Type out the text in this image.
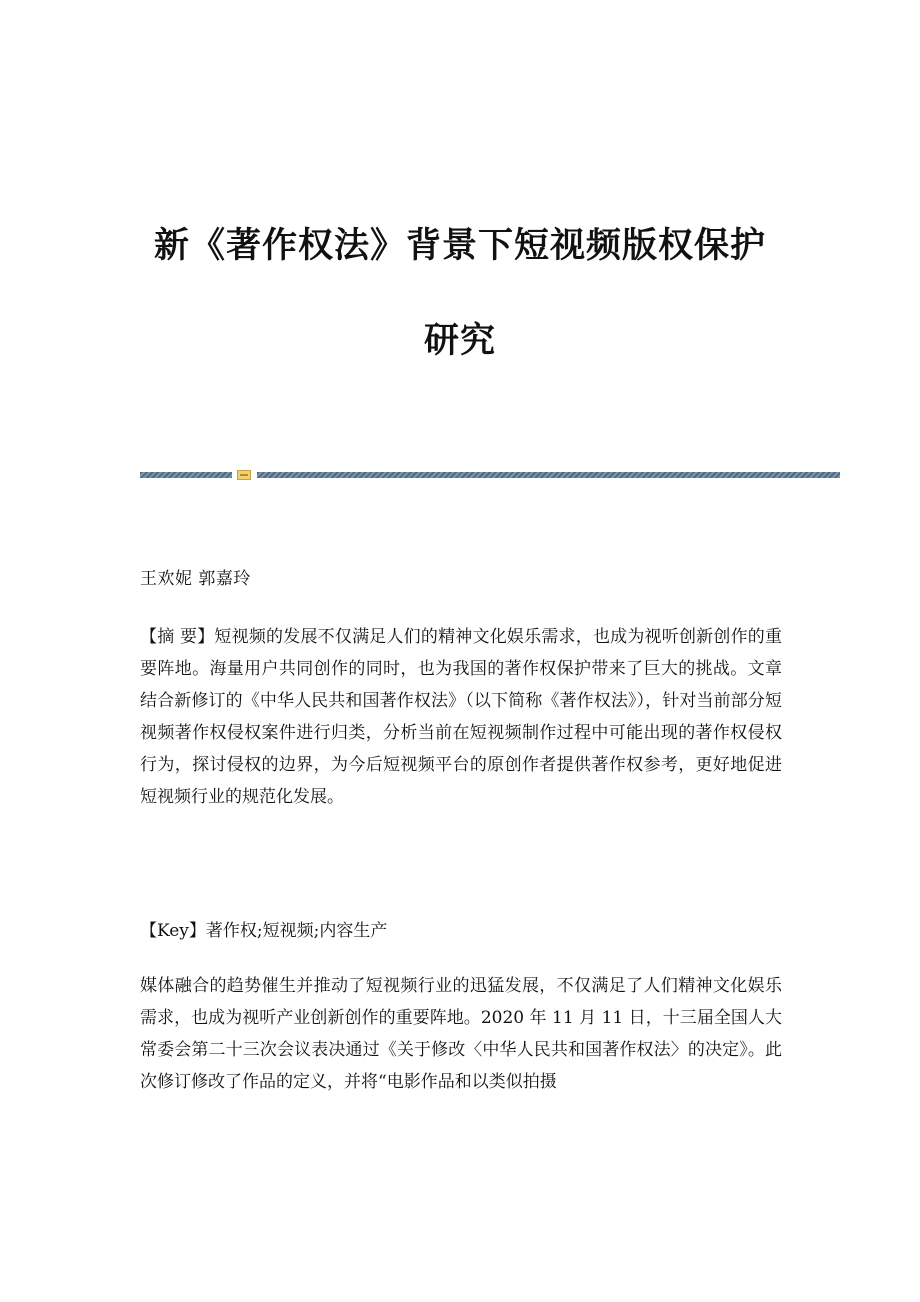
新《著作权法》背景下短视频版权保护
研究
王欢妮 郭嘉玲

【摘 要】短视频的发展不仅满足人们的精神文化娱乐需求，也成为视听创新创作的重要阵地。海量用户共同创作的同时，也为我国的著作权保护带来了巨大的挑战。文章结合新修订的《中华人民共和国著作权法》（以下简称《著作权法》），针对当前部分短视频著作权侵权案件进行归类，分析当前在短视频制作过程中可能出现的著作权侵权行为，探讨侵权的边界，为今后短视频平台的原创作者提供著作权参考，更好地促进短视频行业的规范化发展。

【Key】著作权;短视频;内容生产

媒体融合的趋势催生并推动了短视频行业的迅猛发展，不仅满足了人们精神文化娱乐需求，也成为视听产业创新创作的重要阵地。2020 年 11 月 11 日，十三届全国人大常委会第二十三次会议表决通过《关于修改〈中华人民共和国著作权法〉的决定》。此次修订修改了作品的定义，并将“电影作品和以类似拍摄
